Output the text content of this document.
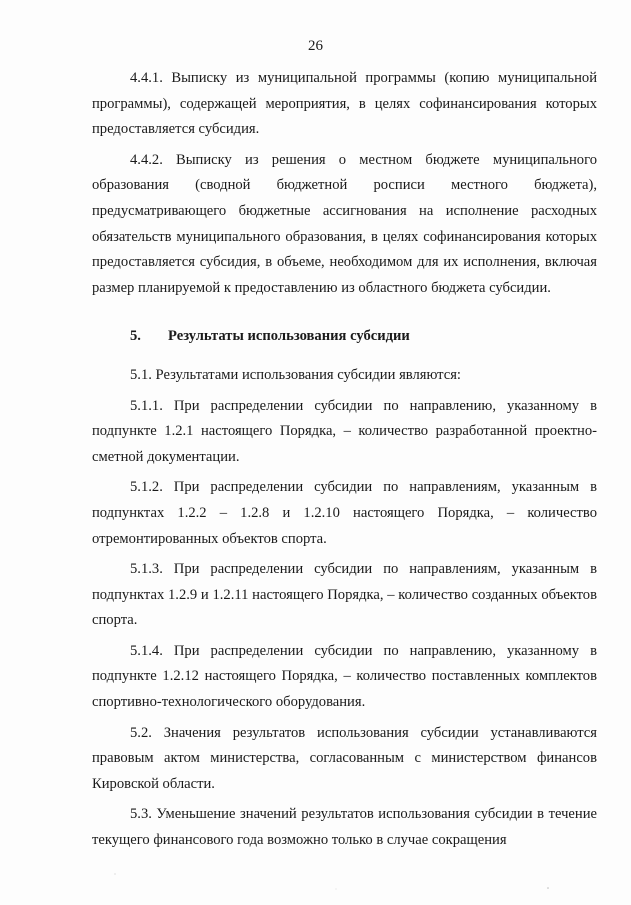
26

4.4.1. Выписку из муниципальной программы (копию муниципальной программы), содержащей мероприятия, в целях софинансирования которых предоставляется субсидия.

4.4.2. Выписку из решения о местном бюджете муниципального образования (сводной бюджетной росписи местного бюджета), предусматривающего бюджетные ассигнования на исполнение расходных обязательств муниципального образования, в целях софинансирования которых предоставляется субсидия, в объеме, необходимом для их исполнения, включая размер планируемой к предоставлению из областного бюджета субсидии.

5. Результаты использования субсидии

5.1. Результатами использования субсидии являются:

5.1.1. При распределении субсидии по направлению, указанному в подпункте 1.2.1 настоящего Порядка, – количество разработанной проектно-сметной документации.

5.1.2. При распределении субсидии по направлениям, указанным в подпунктах 1.2.2 – 1.2.8 и 1.2.10 настоящего Порядка, – количество отремонтированных объектов спорта.

5.1.3. При распределении субсидии по направлениям, указанным в подпунктах 1.2.9 и 1.2.11 настоящего Порядка, – количество созданных объектов спорта.

5.1.4. При распределении субсидии по направлению, указанному в подпункте 1.2.12 настоящего Порядка, – количество поставленных комплектов спортивно-технологического оборудования.

5.2. Значения результатов использования субсидии устанавливаются правовым актом министерства, согласованным с министерством финансов Кировской области.

5.3. Уменьшение значений результатов использования субсидии в течение текущего финансового года возможно только в случае сокращения
